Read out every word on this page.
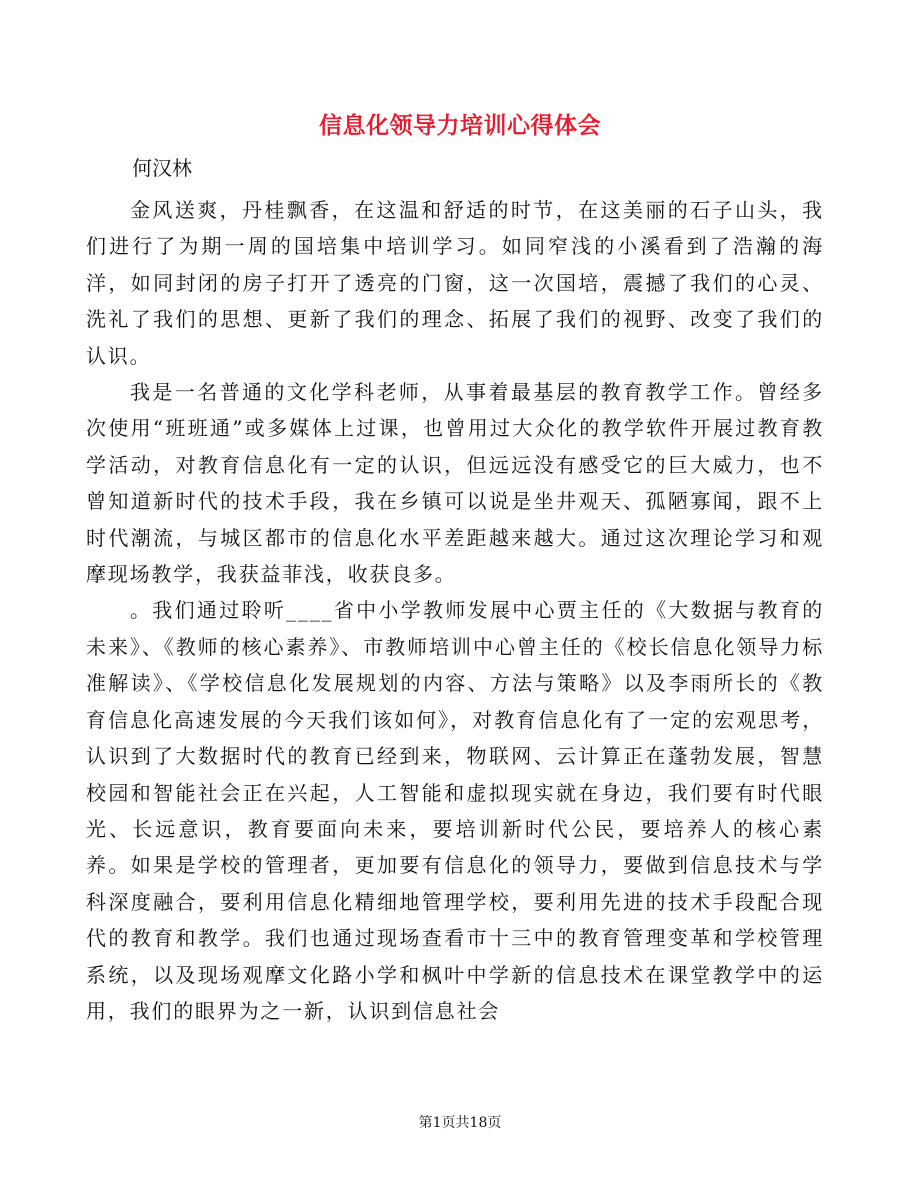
信息化领导力培训心得体会
何汉林

金风送爽，丹桂飘香，在这温和舒适的时节，在这美丽的石子山头，我们进行了为期一周的国培集中培训学习。如同窄浅的小溪看到了浩瀚的海洋，如同封闭的房子打开了透亮的门窗，这一次国培，震撼了我们的心灵、洗礼了我们的思想、更新了我们的理念、拓展了我们的视野、改变了我们的认识。

我是一名普通的文化学科老师，从事着最基层的教育教学工作。曾经多次使用“班班通”或多媒体上过课，也曾用过大众化的教学软件开展过教育教学活动，对教育信息化有一定的认识，但远远没有感受它的巨大威力，也不曾知道新时代的技术手段，我在乡镇可以说是坐井观天、孤陋寡闻，跟不上时代潮流，与城区都市的信息化水平差距越来越大。通过这次理论学习和观摩现场教学，我获益菲浅，收获良多。

。我们通过聆听____省中小学教师发展中心贾主任的《大数据与教育的未来》、《教师的核心素养》、市教师培训中心曾主任的《校长信息化领导力标准解读》、《学校信息化发展规划的内容、方法与策略》以及李雨所长的《教育信息化高速发展的今天我们该如何》，对教育信息化有了一定的宏观思考，认识到了大数据时代的教育已经到来，物联网、云计算正在蓬勃发展，智慧校园和智能社会正在兴起，人工智能和虚拟现实就在身边，我们要有时代眼光、长远意识，教育要面向未来，要培训新时代公民，要培养人的核心素养。如果是学校的管理者，更加要有信息化的领导力，要做到信息技术与学科深度融合，要利用信息化精细地管理学校，要利用先进的技术手段配合现代的教育和教学。我们也通过现场查看市十三中的教育管理变革和学校管理系统，以及现场观摩文化路小学和枫叶中学新的信息技术在课堂教学中的运用，我们的眼界为之一新，认识到信息社会

第1页共18页
